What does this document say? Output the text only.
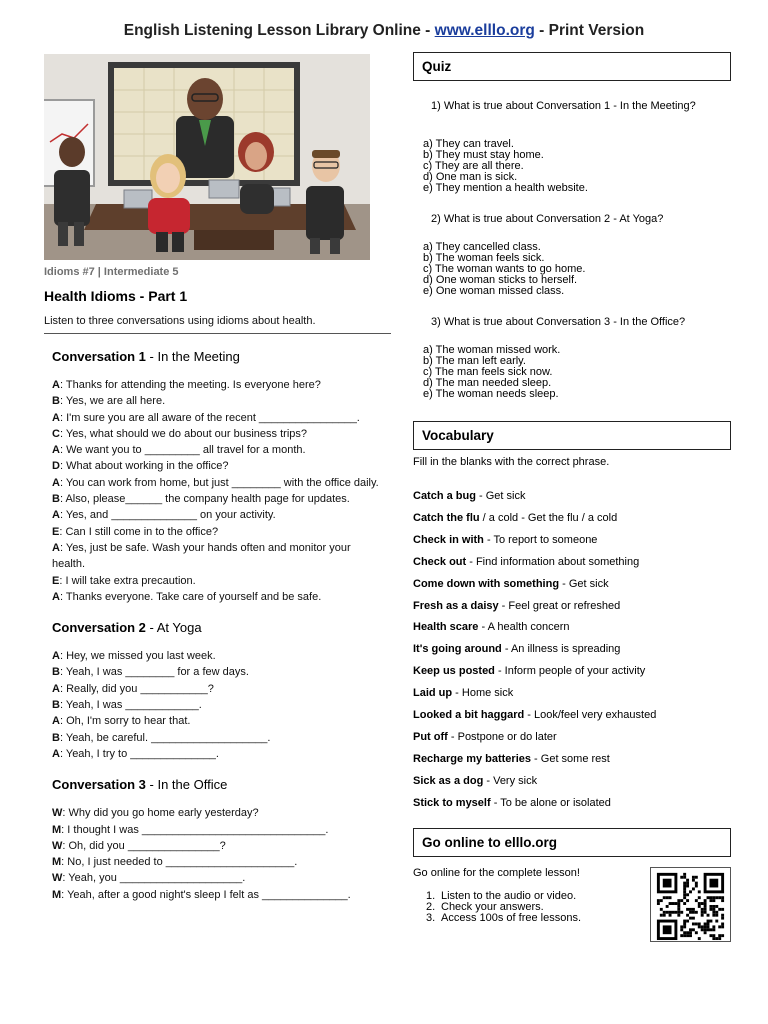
English Listening Lesson Library Online - www.elllo.org - Print Version
Idioms #7 | Intermediate 5
Health Idioms - Part 1
Listen to three conversations using idioms about health.
Conversation 1 - In the Meeting
A: Thanks for attending the meeting. Is everyone here?
B: Yes, we are all here.
A: I'm sure you are all aware of the recent ________________.
C: Yes, what should we do about our business trips?
A: We want you to _________ all travel for a month.
D: What about working in the office?
A: You can work from home, but just ________ with the office daily.
B: Also, please______ the company health page for updates.
A: Yes, and ______________ on your activity.
E: Can I still come in to the office?
A: Yes, just be safe. Wash your hands often and monitor your health.
E: I will take extra precaution.
A: Thanks everyone. Take care of yourself and be safe.
Conversation 2 - At Yoga
A: Hey, we missed you last week.
B: Yeah, I was ________ for a few days.
A: Really, did you ___________?
B: Yeah, I was ____________.
A: Oh, I'm sorry to hear that.
B: Yeah, be careful. ___________________.
A: Yeah, I try to ______________.
Conversation 3 - In the Office
W: Why did you go home early yesterday?
M: I thought I was ______________________________.
W: Oh, did you _______________?
M: No, I just needed to _____________________.
W: Yeah, you ____________________.
M: Yeah, after a good night's sleep I felt as ______________.
Quiz
1) What is true about Conversation 1 - In the Meeting?
a) They can travel.
b) They must stay home.
c) They are all there.
d) One man is sick.
e) They mention a health website.
2) What is true about Conversation 2 - At Yoga?
a) They cancelled class.
b) The woman feels sick.
c) The woman wants to go home.
d) One woman sticks to herself.
e) One woman missed class.
3) What is true about Conversation 3 - In the Office?
a) The woman missed work.
b) The man left early.
c) The man feels sick now.
d) The man needed sleep.
e) The woman needs sleep.
Vocabulary
Fill in the blanks with the correct phrase.
Catch a bug - Get sick
Catch the flu / a cold - Get the flu / a cold
Check in with - To report to someone
Check out - Find information about something
Come down with something - Get sick
Fresh as a daisy - Feel great or refreshed
Health scare - A health concern
It's going around - An illness is spreading
Keep us posted - Inform people of your activity
Laid up - Home sick
Looked a bit haggard - Look/feel very exhausted
Put off - Postpone or do later
Recharge my batteries - Get some rest
Sick as a dog - Very sick
Stick to myself - To be alone or isolated
Go online to elllo.org
Go online for the complete lesson!
1. Listen to the audio or video.
2. Check your answers.
3. Access 100s of free lessons.
